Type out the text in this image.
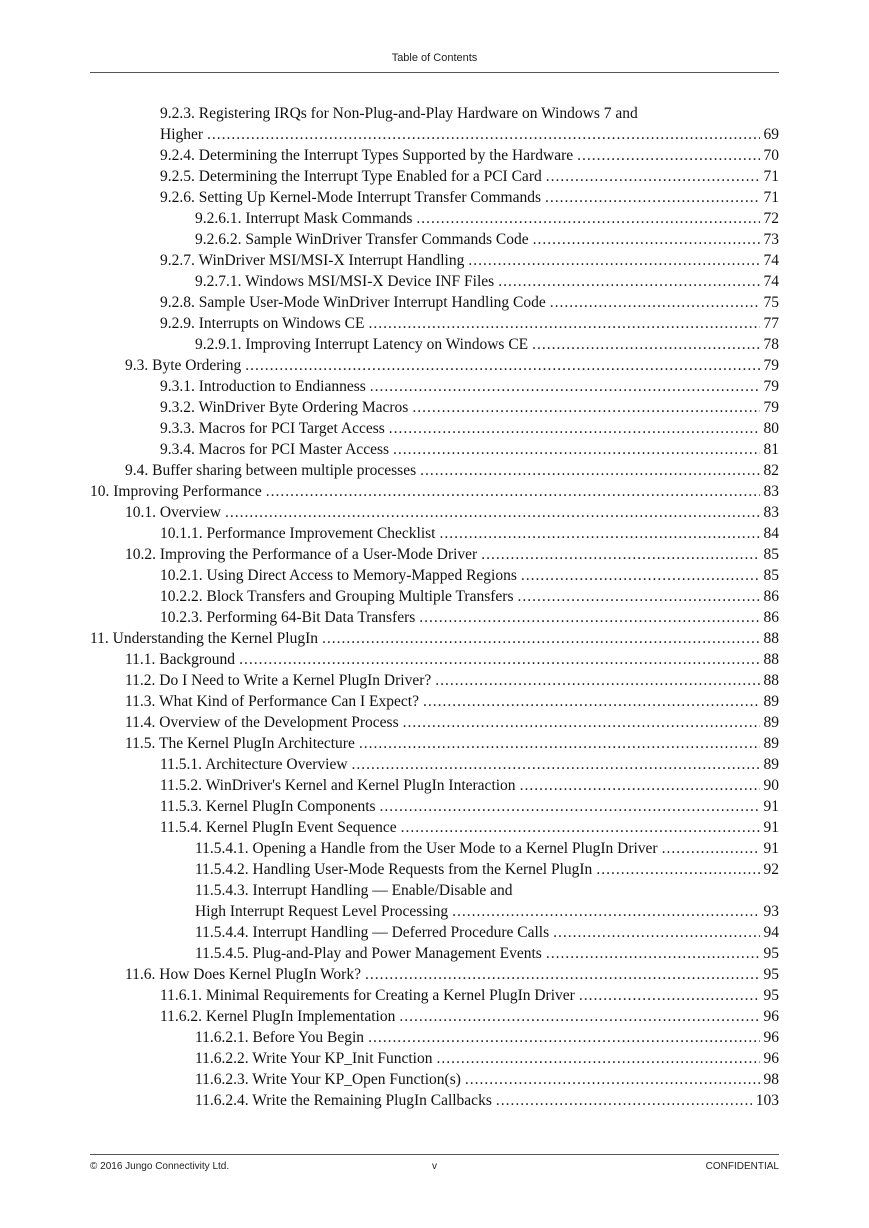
Table of Contents
9.2.3. Registering IRQs for Non-Plug-and-Play Hardware on Windows 7 and
Higher .....	69
9.2.4. Determining the Interrupt Types Supported by the Hardware .....	70
9.2.5. Determining the Interrupt Type Enabled for a PCI Card .....	71
9.2.6. Setting Up Kernel-Mode Interrupt Transfer Commands .....	71
9.2.6.1. Interrupt Mask Commands .....	72
9.2.6.2. Sample WinDriver Transfer Commands Code .....	73
9.2.7. WinDriver MSI/MSI-X Interrupt Handling .....	74
9.2.7.1. Windows MSI/MSI-X Device INF Files .....	74
9.2.8. Sample User-Mode WinDriver Interrupt Handling Code .....	75
9.2.9. Interrupts on Windows CE .....	77
9.2.9.1. Improving Interrupt Latency on Windows CE .....	78
9.3. Byte Ordering .....	79
9.3.1. Introduction to Endianness .....	79
9.3.2. WinDriver Byte Ordering Macros .....	79
9.3.3. Macros for PCI Target Access .....	80
9.3.4. Macros for PCI Master Access .....	81
9.4. Buffer sharing between multiple processes .....	82
10. Improving Performance .....	83
10.1. Overview .....	83
10.1.1. Performance Improvement Checklist .....	84
10.2. Improving the Performance of a User-Mode Driver .....	85
10.2.1. Using Direct Access to Memory-Mapped Regions .....	85
10.2.2. Block Transfers and Grouping Multiple Transfers .....	86
10.2.3. Performing 64-Bit Data Transfers .....	86
11. Understanding the Kernel PlugIn .....	88
11.1. Background .....	88
11.2. Do I Need to Write a Kernel PlugIn Driver? .....	88
11.3. What Kind of Performance Can I Expect? .....	89
11.4. Overview of the Development Process .....	89
11.5. The Kernel PlugIn Architecture .....	89
11.5.1. Architecture Overview .....	89
11.5.2. WinDriver's Kernel and Kernel PlugIn Interaction .....	90
11.5.3. Kernel PlugIn Components .....	91
11.5.4. Kernel PlugIn Event Sequence .....	91
11.5.4.1. Opening a Handle from the User Mode to a Kernel PlugIn Driver .....	91
11.5.4.2. Handling User-Mode Requests from the Kernel PlugIn .....	92
11.5.4.3. Interrupt Handling — Enable/Disable and
High Interrupt Request Level Processing .....	93
11.5.4.4. Interrupt Handling — Deferred Procedure Calls .....	94
11.5.4.5. Plug-and-Play and Power Management Events .....	95
11.6. How Does Kernel PlugIn Work? .....	95
11.6.1. Minimal Requirements for Creating a Kernel PlugIn Driver .....	95
11.6.2. Kernel PlugIn Implementation .....	96
11.6.2.1. Before You Begin .....	96
11.6.2.2. Write Your KP_Init Function .....	96
11.6.2.3. Write Your KP_Open Function(s) .....	98
11.6.2.4. Write the Remaining PlugIn Callbacks .....	103
© 2016 Jungo Connectivity Ltd.	v	CONFIDENTIAL
